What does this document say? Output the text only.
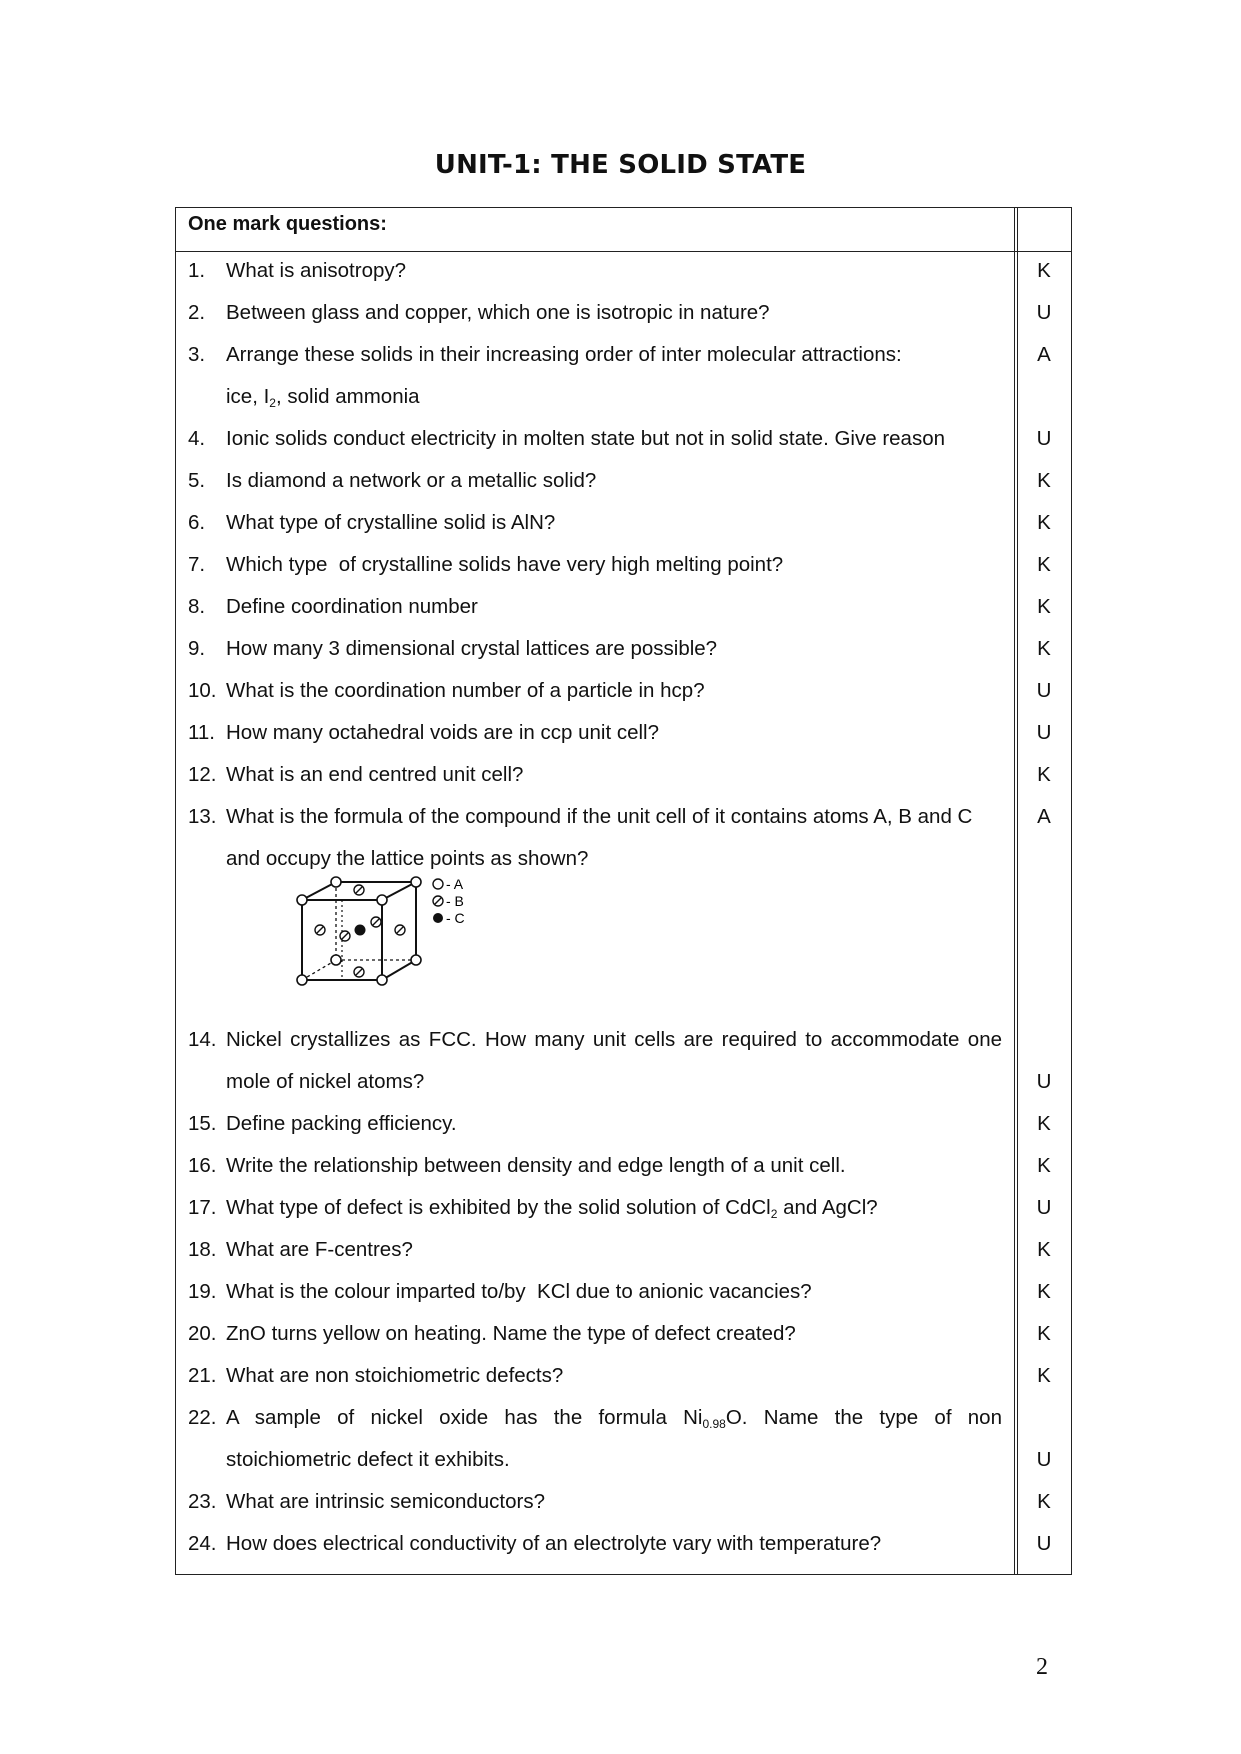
UNIT-1: THE SOLID STATE
One mark questions:
1. What is anisotropy?	K
2. Between glass and copper, which one is isotropic in nature?	U
3. Arrange these solids in their increasing order of inter molecular attractions:	A
ice, $I_2$, solid ammonia
4. Ionic solids conduct electricity in molten state but not in solid state. Give reason	U
5. Is diamond a network or a metallic solid?	K
6. What type of crystalline solid is AlN?	K
7. Which type  of crystalline solids have very high melting point?	K
8. Define coordination number	K
9. How many 3 dimensional crystal lattices are possible?	K
10. What is the coordination number of a particle in hcp?	U
11. How many octahedral voids are in ccp unit cell?	U
12. What is an end centred unit cell?	K
13. What is the formula of the compound if the unit cell of it contains atoms A, B and C	A
and occupy the lattice points as shown?
- A
- B
- C
14. Nickel crystallizes as FCC. How many unit cells are required to accommodate one
mole of nickel atoms?	U
15. Define packing efficiency.	K
16. Write the relationship between density and edge length of a unit cell.	K
17. What type of defect is exhibited by the solid solution of CdCl$_2$ and AgCl?	U
18. What are F-centres?	K
19. What is the colour imparted to/by  KCl due to anionic vacancies?	K
20. ZnO turns yellow on heating. Name the type of defect created?	K
21. What are non stoichiometric defects?	K
22. A sample of nickel oxide has the formula $Ni_{0.98}O$. Name the type of non
stoichiometric defect it exhibits.	U
23. What are intrinsic semiconductors?	K
24. How does electrical conductivity of an electrolyte vary with temperature?	U
2
